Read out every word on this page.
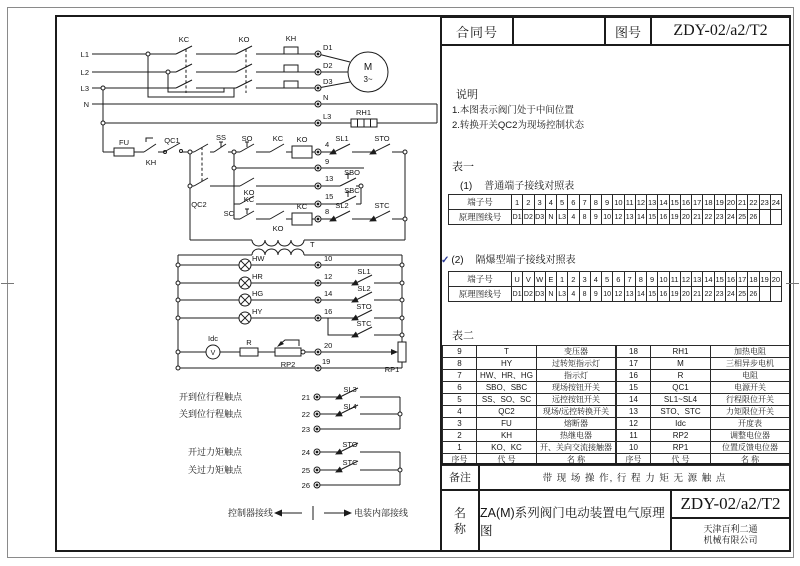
L1
L2
L3
N
KC	KO	KH
D1
D2
D3
M
3~
N
L3	RH1
FU
KH
QC1	SS SO	KC KO
4
SL1	STO
QC2
9
KO
13
SBO
KC	15
SBC
SC
KO
KC
8
SL2	STC
T
HW	10
HR	12
SL1
HG	14
SL2
HY	16
STO
STC
Idc
V
R
RP2
20
RP1
19
开到位行程触点
关到位行程触点
21
22
23
SL3
SL4
开过力矩触点
关过力矩触点
24
25
26
STO
STC
控制器接线	电装内部接线
合同号	图号	ZDY-02/a2/T2
说明
1.本图表示阀门处于中间位置
2.转换开关QC2为现场控制状态
表一
(1) 普通端子接线对照表
端子号	1	2	3	4	5	6	7	8	9	10	11	12	13	14	15	16	17	18	19	20	21	22	23	24
原理图线号	D1	D2	D3	N	L3	4	8	9	10	12	13	14	15	16	19	20	21	22	23	24	25	26		
✓ (2) 隔爆型端子接线对照表
端子号	U	V	W	E	1	2	3	4	5	6	7	8	9	10	11	12	13	14	15	16	17	18	19	20
原理图线号	D1	D2	D3	N	L3	4	8	9	10	12	13	14	15	16	19	20	21	22	23	24	25	26		
表二
9	T	变压器
8	HY	过转矩指示灯
7	HW、HR、HG	指示灯
6	SBO、SBC	现场按钮开关
5	SS、SO、SC	远控按钮开关
4	QC2	现场/远控转换开关
3	FU	熔断器
2	KH	热继电器
1	KO、KC	开、关向交流接触器
序号	代 号	名 称
18	RH1	加热电阻
17	M	三相异步电机
16	R	电阻
15	QC1	电源开关
14	SL1~SL4	行程限位开关
13	STO、STC	力矩限位开关
12	Idc	开度表
11	RP2	调整电位器
10	RP1	位置反馈电位器
序号	代 号	名 称
备注	带 现 场 操 作, 行 程 力 矩 无 源 触 点
名称
ZA(M)系列阀门电动装置电气原理图
ZDY-02/a2/T2
天津百利二通
机械有限公司
